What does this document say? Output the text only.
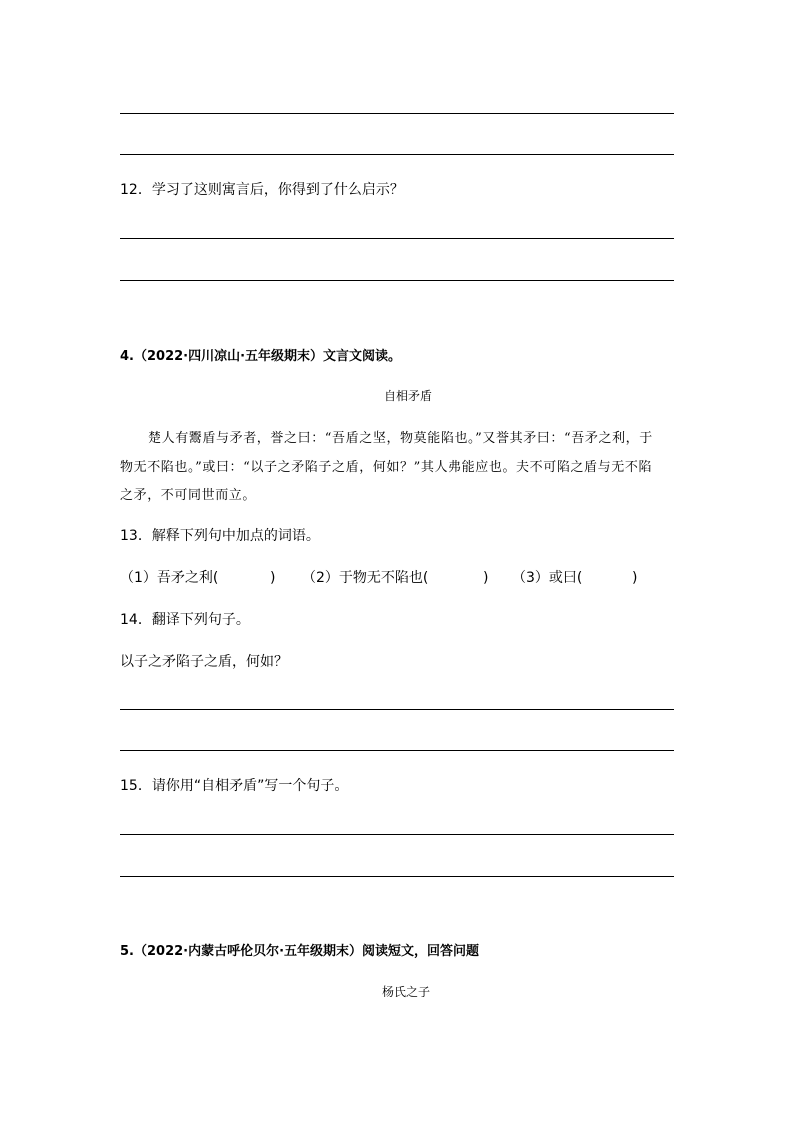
12．学习了这则寓言后，你得到了什么启示？
4.（2022·四川凉山·五年级期末）文言文阅读。
自相矛盾
楚人有鬻盾与矛者，誉之曰：“吾盾之坚，物莫能陷也。”又誉其矛曰：“吾矛之利，于
物无不陷也。”或曰：“以子之矛陷子之盾，何如？”其人弗能应也。夫不可陷之盾与无不陷
之矛，不可同世而立。
13．解释下列句中加点的词语。
（1）吾矛之利(	) （2）于物无不陷也(	) （3）或曰(	)
14．翻译下列句子。
以子之矛陷子之盾，何如？
15．请你用“自相矛盾”写一个句子。
5.（2022·内蒙古呼伦贝尔·五年级期末）阅读短文，回答问题
杨氏之子
